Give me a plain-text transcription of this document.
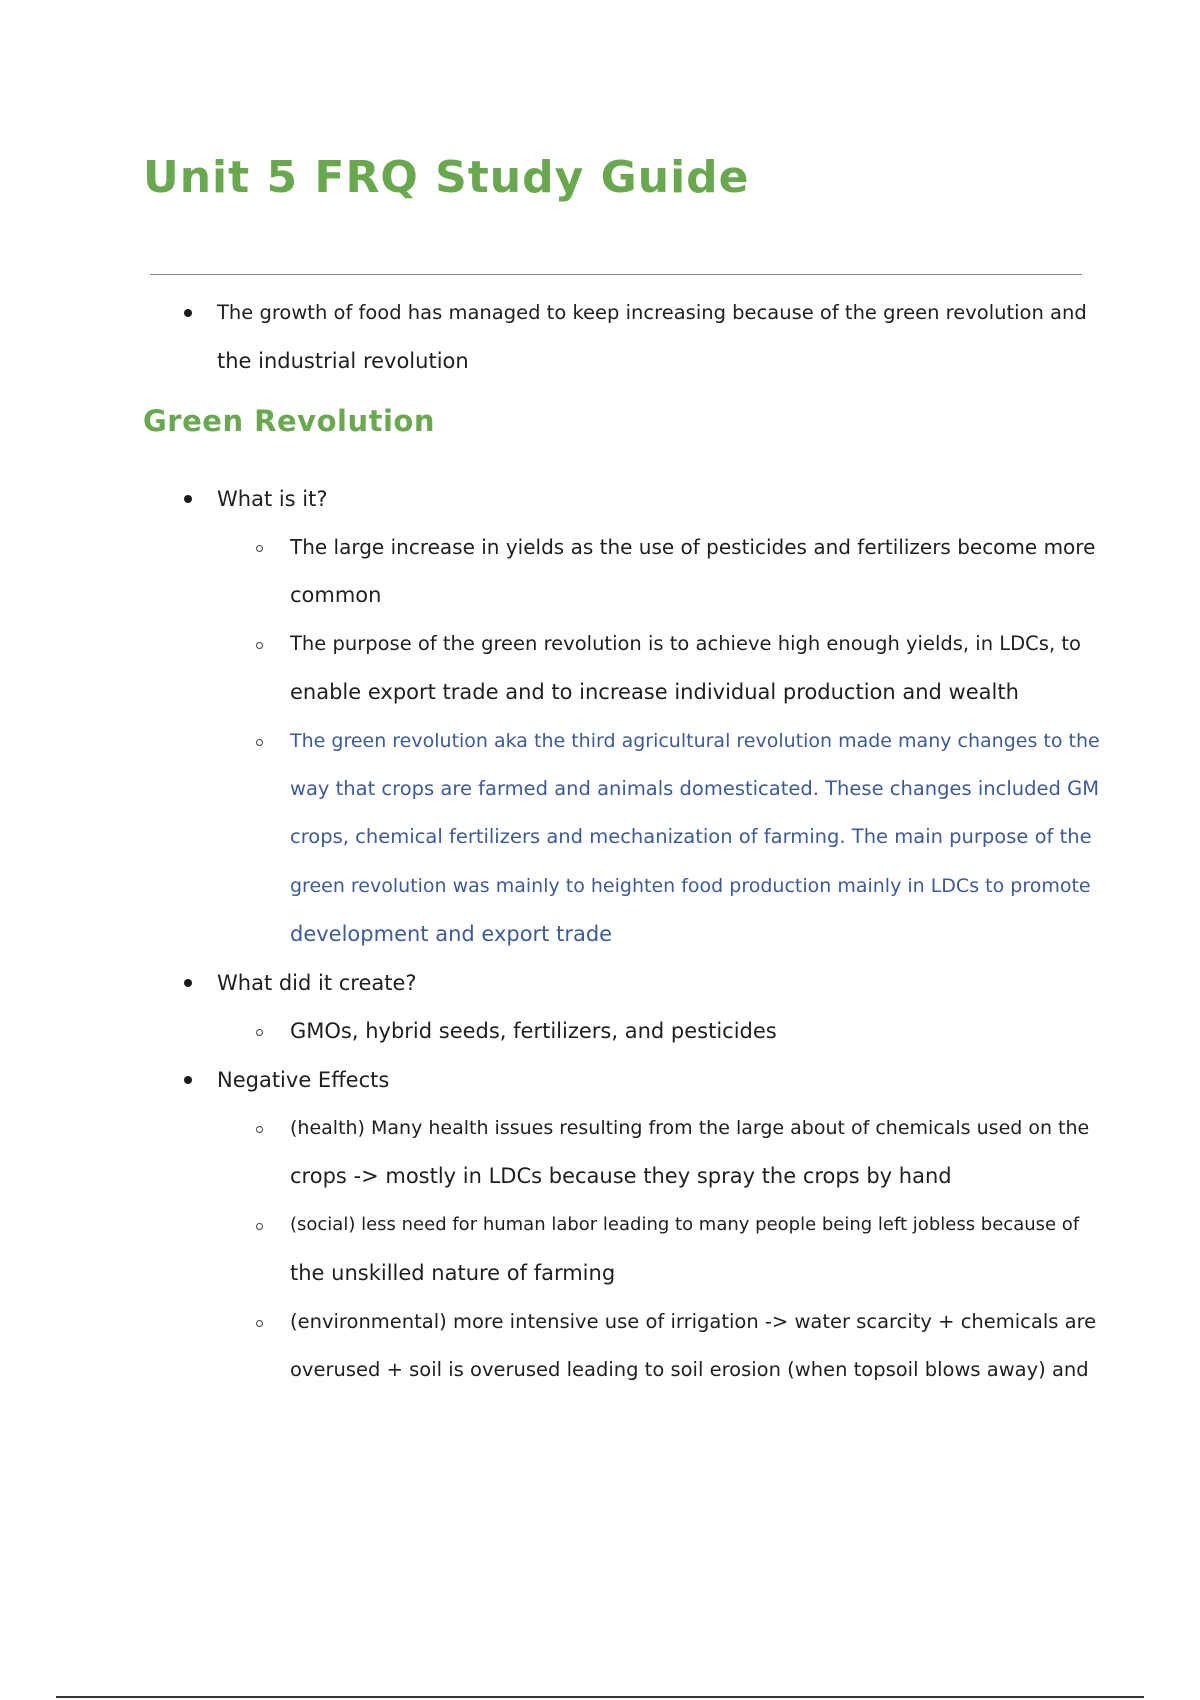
Unit 5 FRQ Study Guide
The growth of food has managed to keep increasing because of the green revolution and
the industrial revolution
Green Revolution
What is it?
The large increase in yields as the use of pesticides and fertilizers become more
common
The purpose of the green revolution is to achieve high enough yields, in LDCs, to
enable export trade and to increase individual production and wealth
The green revolution aka the third agricultural revolution made many changes to the
way that crops are farmed and animals domesticated. These changes included GM
crops, chemical fertilizers and mechanization of farming. The main purpose of the
green revolution was mainly to heighten food production mainly in LDCs to promote
development and export trade
What did it create?
GMOs, hybrid seeds, fertilizers, and pesticides
Negative Effects
(health) Many health issues resulting from the large about of chemicals used on the
crops -> mostly in LDCs because they spray the crops by hand
(social) less need for human labor leading to many people being left jobless because of
the unskilled nature of farming
(environmental) more intensive use of irrigation -> water scarcity + chemicals are
overused + soil is overused leading to soil erosion (when topsoil blows away) and
